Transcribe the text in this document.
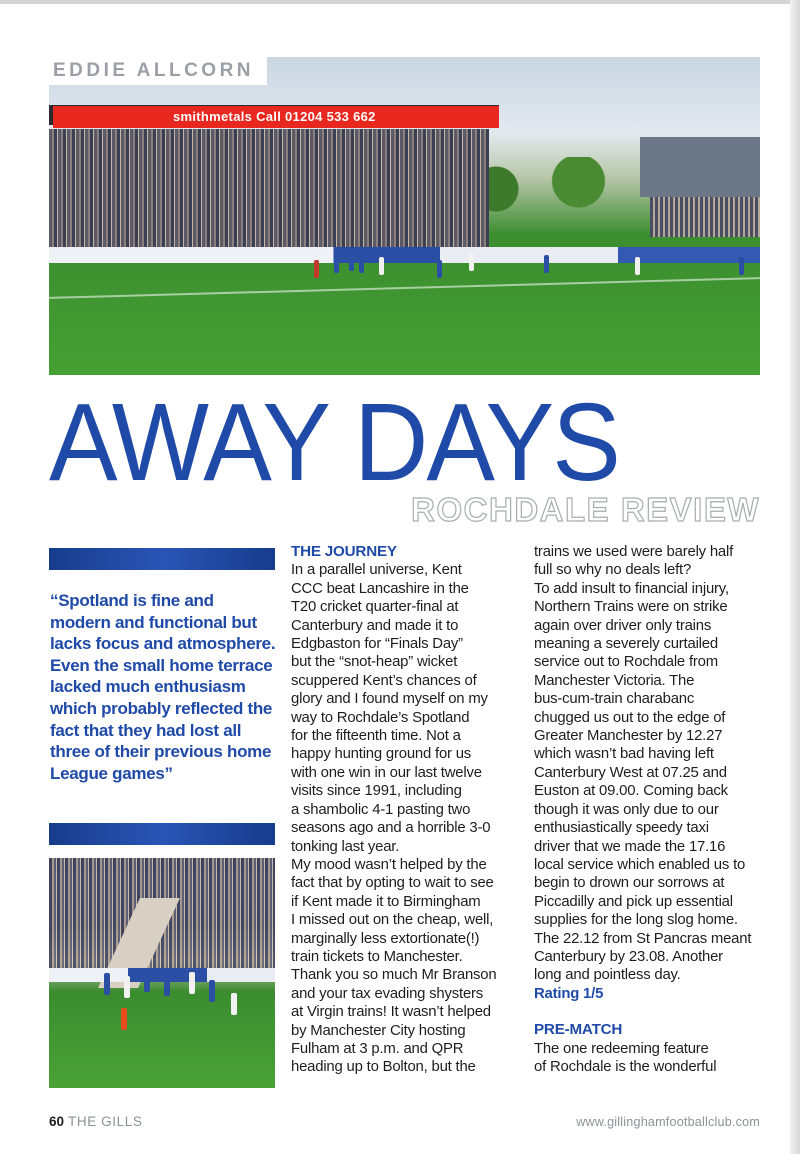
smithmetals Call 01204 533 662
EDDIE ALLCORN
AWAY DAYS
ROCHDALE REVIEW

“Spotland is fine and modern and functional but lacks focus and atmosphere. Even the small home terrace lacked much enthusiasm which probably reflected the fact that they had lost all three of their previous home League games”

THE JOURNEY

In a parallel universe, Kent
CCC beat Lancashire in the
T20 cricket quarter-final at
Canterbury and made it to
Edgbaston for “Finals Day”
but the “snot-heap” wicket
scuppered Kent’s chances of
glory and I found myself on my
way to Rochdale’s Spotland
for the fifteenth time. Not a
happy hunting ground for us
with one win in our last twelve
visits since 1991, including
a shambolic 4-1 pasting two
seasons ago and a horrible 3-0
tonking last year.

My mood wasn’t helped by the
fact that by opting to wait to see
if Kent made it to Birmingham
I missed out on the cheap, well,
marginally less extortionate(!)
train tickets to Manchester.
Thank you so much Mr Branson
and your tax evading shysters
at Virgin trains! It wasn’t helped
by Manchester City hosting
Fulham at 3 p.m. and QPR
heading up to Bolton, but the

trains we used were barely half
full so why no deals left?

To add insult to financial injury,
Northern Trains were on strike
again over driver only trains
meaning a severely curtailed
service out to Rochdale from
Manchester Victoria. The
bus-cum-train charabanc
chugged us out to the edge of
Greater Manchester by 12.27
which wasn’t bad having left
Canterbury West at 07.25 and
Euston at 09.00. Coming back
though it was only due to our
enthusiastically speedy taxi
driver that we made the 17.16
local service which enabled us to
begin to drown our sorrows at
Piccadilly and pick up essential
supplies for the long slog home.
The 22.12 from St Pancras meant
Canterbury by 23.08. Another
long and pointless day.

Rating 1/5

PRE-MATCH

The one redeeming feature
of Rochdale is the wonderful

60 THE GILLS	www.gillinghamfootballclub.com
